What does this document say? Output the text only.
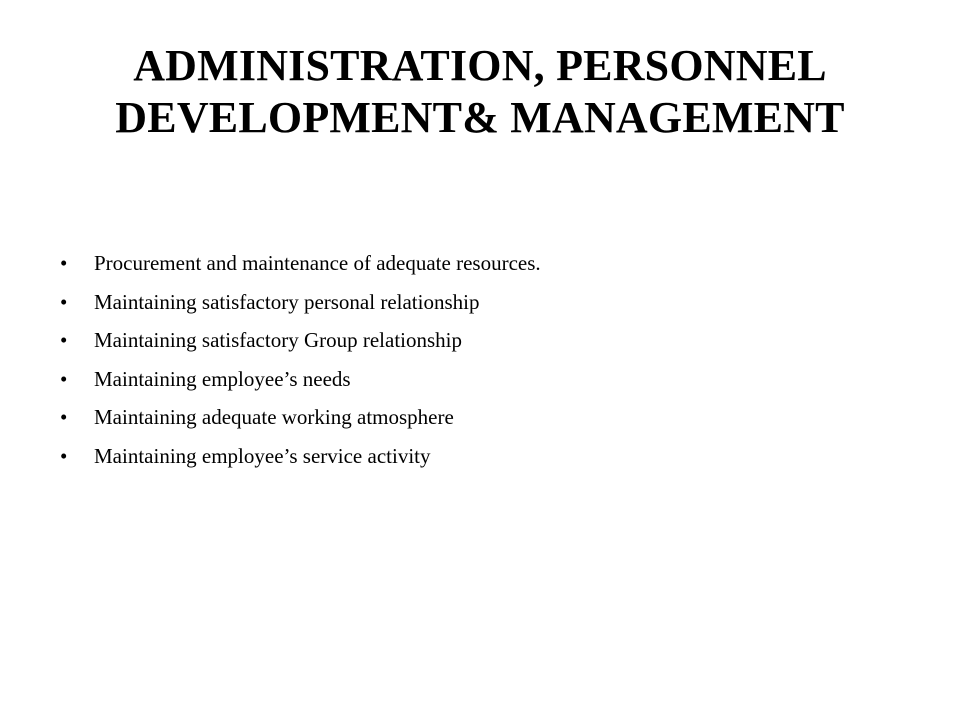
ADMINISTRATION, PERSONNEL
DEVELOPMENT& MANAGEMENT
•	Procurement and maintenance of adequate resources.
•	Maintaining satisfactory personal relationship
•	Maintaining satisfactory Group relationship
•	Maintaining employee’s needs
•	Maintaining adequate working atmosphere
•	Maintaining employee’s service activity
